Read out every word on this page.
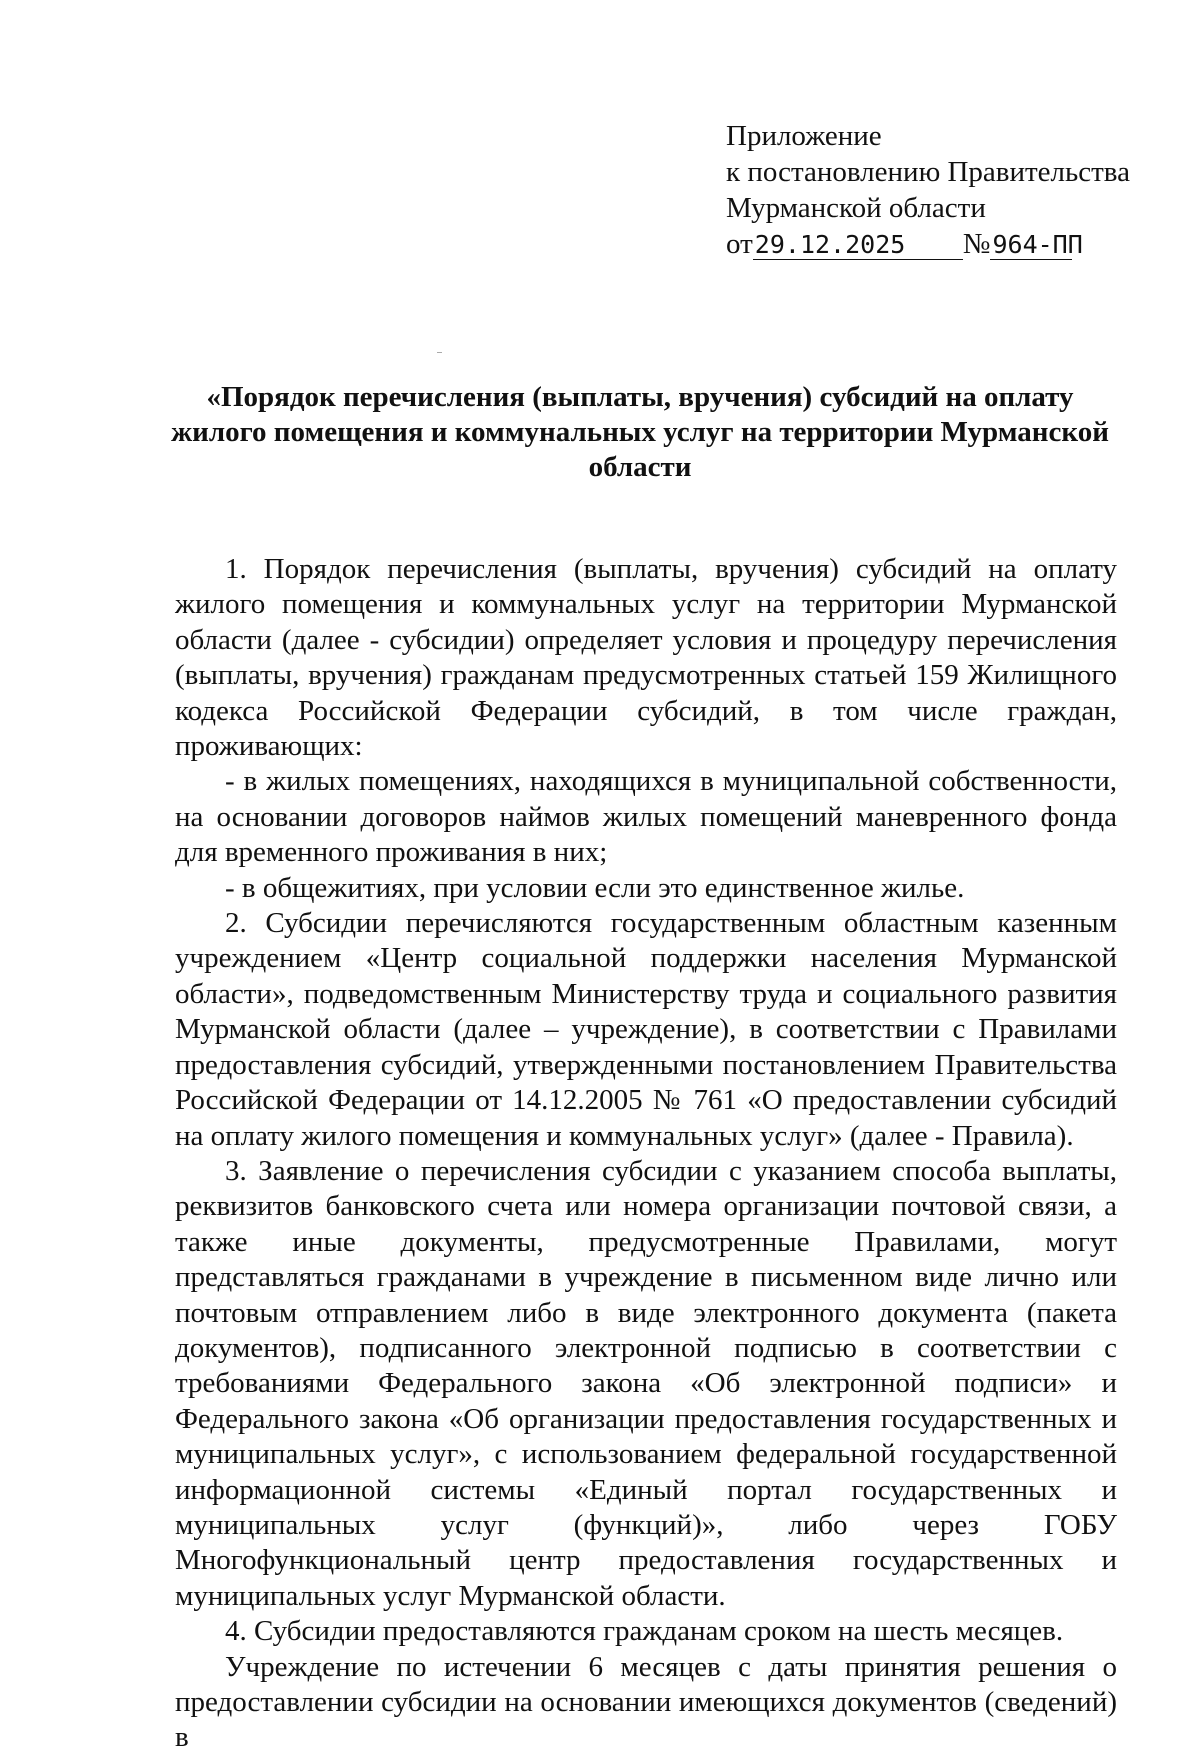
Приложение
к постановлению Правительства
Мурманской области
от29.12.2025 №964-ПП
«Порядок перечисления (выплаты, вручения) субсидий на оплату жилого помещения и коммунальных услуг на территории Мурманской области

1. Порядок перечисления (выплаты, вручения) субсидий на оплату жилого помещения и коммунальных услуг на территории Мурманской области (далее - субсидии) определяет условия и процедуру перечисления (выплаты, вручения) гражданам предусмотренных статьей 159 Жилищного кодекса Российской Федерации субсидий, в том числе граждан, проживающих:

- в жилых помещениях, находящихся в муниципальной собственности, на основании договоров наймов жилых помещений маневренного фонда для временного проживания в них;

- в общежитиях, при условии если это единственное жилье.

2. Субсидии перечисляются государственным областным казенным учреждением «Центр социальной поддержки населения Мурманской области», подведомственным Министерству труда и социального развития Мурманской области (далее – учреждение), в соответствии с Правилами предоставления субсидий, утвержденными постановлением Правительства Российской Федерации от 14.12.2005 № 761 «О предоставлении субсидий на оплату жилого помещения и коммунальных услуг» (далее - Правила).

3. Заявление о перечисления субсидии с указанием способа выплаты, реквизитов банковского счета или номера организации почтовой связи, а также иные документы, предусмотренные Правилами, могут представляться гражданами в учреждение в письменном виде лично или почтовым отправлением либо в виде электронного документа (пакета документов), подписанного электронной подписью в соответствии с требованиями Федерального закона «Об электронной подписи» и Федерального закона «Об организации предоставления государственных и муниципальных услуг», с использованием федеральной государственной информационной системы «Единый портал государственных и муниципальных услуг (функций)», либо через ГОБУ Многофункциональный центр предоставления государственных и муниципальных услуг Мурманской области.

4. Субсидии предоставляются гражданам сроком на шесть месяцев.

Учреждение по истечении 6 месяцев с даты принятия решения о предоставлении субсидии на основании имеющихся документов (сведений) в
